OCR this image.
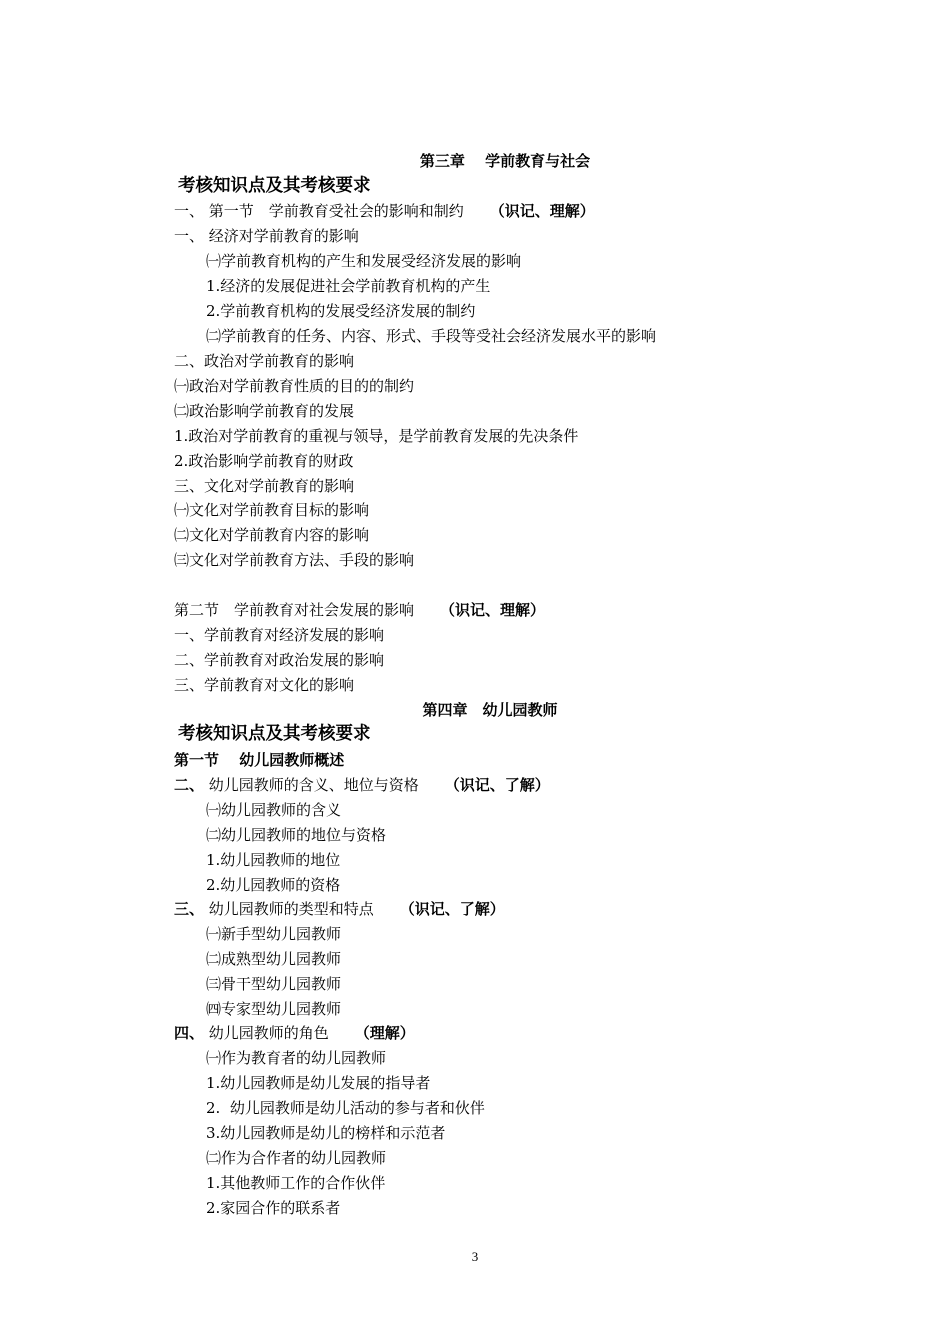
第三章　 学前教育与社会
考核知识点及其考核要求
一、 第一节　学前教育受社会的影响和制约 （识记、理解）
一、 经济对学前教育的影响
㈠学前教育机构的产生和发展受经济发展的影响
1.经济的发展促进社会学前教育机构的产生
2.学前教育机构的发展受经济发展的制约
㈡学前教育的任务、内容、形式、手段等受社会经济发展水平的影响
二、政治对学前教育的影响
㈠政治对学前教育性质的目的的制约
㈡政治影响学前教育的发展
1.政治对学前教育的重视与领导，是学前教育发展的先决条件
2.政治影响学前教育的财政
三、文化对学前教育的影响
㈠文化对学前教育目标的影响
㈡文化对学前教育内容的影响
㈢文化对学前教育方法、手段的影响
第二节　学前教育对社会发展的影响 （识记、理解）
一、学前教育对经济发展的影响
二、学前教育对政治发展的影响
三、学前教育对文化的影响
第四章　幼儿园教师
考核知识点及其考核要求
第一节 　幼儿园教师概述
二、 幼儿园教师的含义、地位与资格 （识记、了解）
㈠幼儿园教师的含义
㈡幼儿园教师的地位与资格
1.幼儿园教师的地位
2.幼儿园教师的资格
三、 幼儿园教师的类型和特点 （识记、了解）
㈠新手型幼儿园教师
㈡成熟型幼儿园教师
㈢骨干型幼儿园教师
㈣专家型幼儿园教师
四、 幼儿园教师的角色 （理解）
㈠作为教育者的幼儿园教师
1.幼儿园教师是幼儿发展的指导者
2.  幼儿园教师是幼儿活动的参与者和伙伴
3.幼儿园教师是幼儿的榜样和示范者
㈡作为合作者的幼儿园教师
1.其他教师工作的合作伙伴
2.家园合作的联系者
3
